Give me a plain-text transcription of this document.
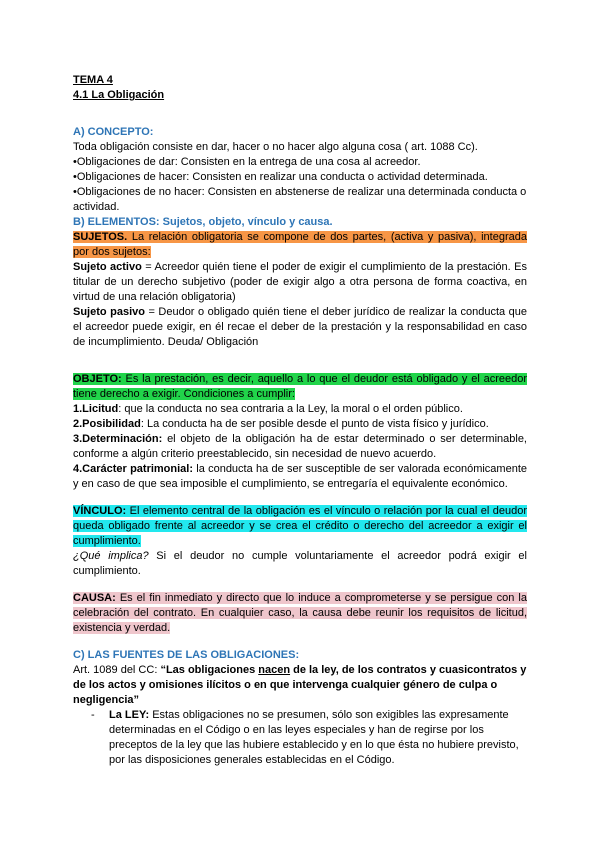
TEMA 4

4.1 La Obligación

A) CONCEPTO:

Toda obligación consiste en dar, hacer o no hacer algo alguna cosa ( art. 1088 Cc).

•Obligaciones de dar: Consisten en la entrega de una cosa al acreedor.

•Obligaciones de hacer: Consisten en realizar una conducta o actividad determinada.

•Obligaciones de no hacer: Consisten en abstenerse de realizar una determinada conducta o actividad.

B) ELEMENTOS: Sujetos, objeto, vínculo y causa.

SUJETOS. La relación obligatoria se compone de dos partes, (activa y pasiva), integrada por dos sujetos:

Sujeto activo = Acreedor quién tiene el poder de exigir el cumplimiento de la prestación. Es titular de un derecho subjetivo (poder de exigir algo a otra persona de forma coactiva, en virtud de una relación obligatoria)

Sujeto pasivo = Deudor o obligado quién tiene el deber jurídico de realizar la conducta que el acreedor puede exigir, en él recae el deber de la prestación y la responsabilidad en caso de incumplimiento. Deuda/ Obligación

OBJETO: Es la prestación, es decir, aquello a lo que el deudor está obligado y el acreedor tiene derecho a exigir. Condiciones a cumplir:

1.Licitud: que la conducta no sea contraria a la Ley, la moral o el orden público.

2.Posibilidad: La conducta ha de ser posible desde el punto de vista físico y jurídico.

3.Determinación: el objeto de la obligación ha de estar determinado o ser determinable, conforme a algún criterio preestablecido, sin necesidad de nuevo acuerdo.

4.Carácter patrimonial: la conducta ha de ser susceptible de ser valorada económicamente y en caso de que sea imposible el cumplimiento, se entregaría el equivalente económico.

VÍNCULO: El elemento central de la obligación es el vínculo o relación por la cual el deudor queda obligado frente al acreedor y se crea el crédito o derecho del acreedor a exigir el cumplimiento.

¿Qué implica? Si el deudor no cumple voluntariamente el acreedor podrá exigir el cumplimiento.

CAUSA: Es el fin inmediato y directo que lo induce a comprometerse y se persigue con la celebración del contrato. En cualquier caso, la causa debe reunir los requisitos de licitud, existencia y verdad.

C) LAS FUENTES DE LAS OBLIGACIONES:

Art. 1089 del CC: “Las obligaciones nacen de la ley, de los contratos y cuasicontratos y de los actos y omisiones ilícitos o en que intervenga cualquier género de culpa o negligencia”

- La LEY: Estas obligaciones no se presumen, sólo son exigibles las expresamente determinadas en el Código o en las leyes especiales y han de regirse por los preceptos de la ley que las hubiere establecido y en lo que ésta no hubiere previsto, por las disposiciones generales establecidas en el Código.
